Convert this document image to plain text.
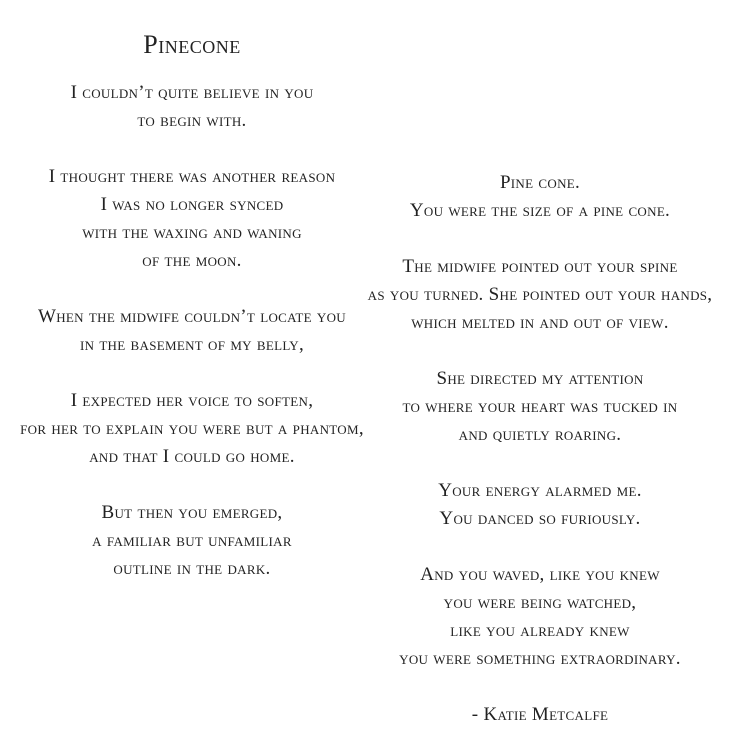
Pinecone
I couldn’t quite believe in you
to begin with.
I thought there was another reason
I was no longer synced
with the waxing and waning
of the moon.
When the midwife couldn’t locate you
in the basement of my belly,
I expected her voice to soften,
for her to explain you were but a phantom,
and that I could go home.
But then you emerged,
a familiar but unfamiliar
outline in the dark.
Pine cone.
You were the size of a pine cone.
The midwife pointed out your spine
as you turned. She pointed out your hands,
which melted in and out of view.
She directed my attention
to where your heart was tucked in
and quietly roaring.
Your energy alarmed me.
You danced so furiously.
And you waved, like you knew
you were being watched,
like you already knew
you were something extraordinary.
- Katie Metcalfe
